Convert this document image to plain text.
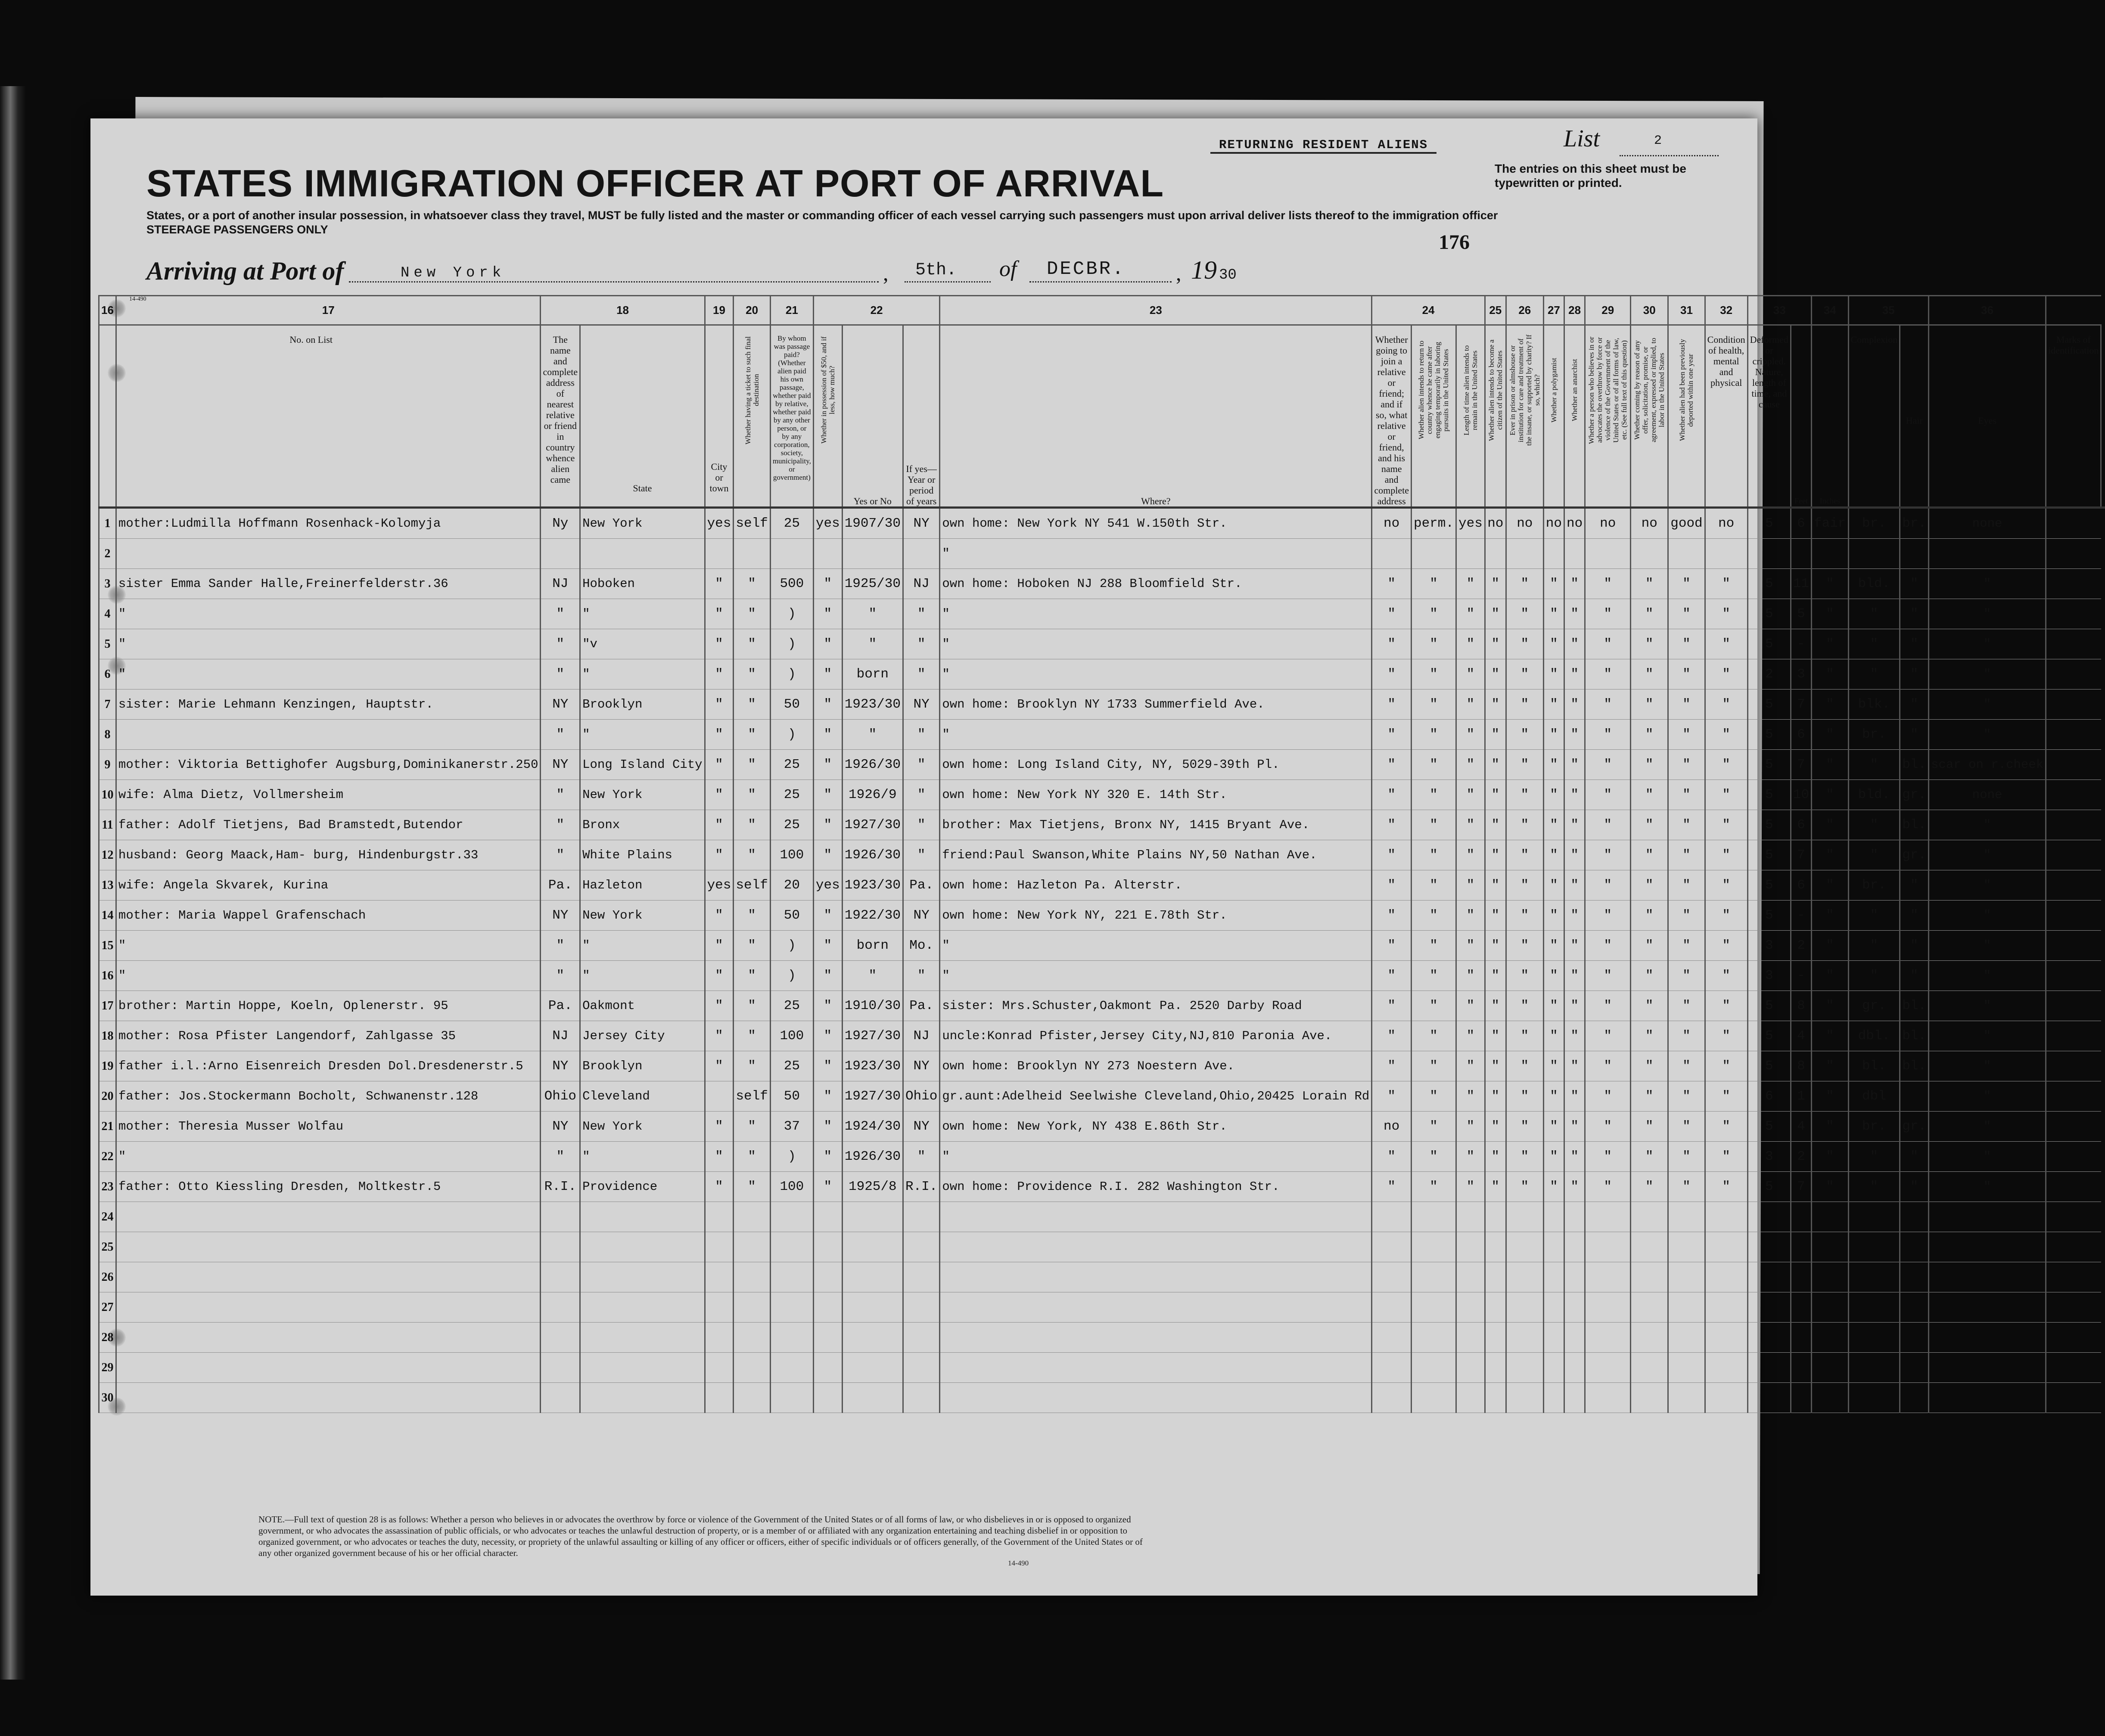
RETURNING RESIDENT ALIENS	List	2
The entries on this sheet must be typewritten or printed.
STATES IMMIGRATION OFFICER AT PORT OF ARRIVAL
States, or a port of another insular possession, in whatsoever class they travel, MUST be fully listed and the master or commanding officer of each vessel carrying such passengers must upon arrival deliver lists thereof to the immigration officer
STEERAGE PASSENGERS ONLY
176
Arriving at Port of	New York	, 5th. of DECBR. , 19 30
14-490
	16	17	18	19	20	21	22	23	24	25	26	27	28	29	30	31	32	33	34	35	36	
		No. on List	The name and complete address of nearest relative or friend in country whence alien came	State	City or town	Whether having a ticket to such final destination	By whom was passage paid? (Whether alien paid his own passage, whether paid by relative, whether paid by any other person, or by any corporation, society, municipality, or government)	Whether in possession of $50, and if less, how much?	Yes or No	If yes— Year or period of years	Where?	Whether going to join a relative or friend; and if so, what relative or friend, and his name and complete address	Whether alien intends to return to country whence he came after engaging temporarily in laboring pursuits in the United States	Length of time alien intends to remain in the United States	Whether alien intends to become a citizen of the United States	Ever in prison or almshouse or institution for care and treatment of the insane, or supported by charity? If so, which?	Whether a polygamist	Whether an anarchist	Whether a person who believes in or advocates the overthrow by force or violence of the Government of the United States or of all forms of law, etc. (See full text of this question)	Whether coming by reason of any offer, solicitation, promise, or agreement, expressed or implied, to labor in the United States	Whether alien had been previously deported within one year	Condition of health, mental and physical	Deformed or crippled. Nature, length of time, and cause	Feet	Inches	Complexion	Hair	Eyes	Marks of identification	
	1	mother:Ludmilla Hoffmann Rosenhack-Kolomyja	Ny	New York	yes	self	25	yes	1907/30	NY	own home: New York NY 541 W.150th Str.	no	perm.	yes	no	no	no	no	no	no	good	no	5	6	fair	br.	br.	none	
	2										"																		
	3	sister Emma Sander Halle,Freinerfelderstr.36	NJ	Hoboken	"	"	500	"	1925/30	NJ	own home: Hoboken NJ 288 Bloomfield Str.	"	"	"	"	"	"	"	"	"	"	"	5	11	"	bld.	"	"	
	4	"	"	"	"	"	)	"	"	"	"	"	"	"	"	"	"	"	"	"	"	"	5	5	"	"	"	"	
	5	"	"	"v	"	"	)	"	"	"	"	"	"	"	"	"	"	"	"	"	"	"	5	-	"	"	"	"	
	6	"	"	"	"	"	)	"	born	"	"	"	"	"	"	"	"	"	"	"	"	"	2	3	"	"	"	"	
	7	sister: Marie Lehmann Kenzingen, Hauptstr.	NY	Brooklyn	"	"	50	"	1923/30	NY	own home: Brooklyn NY 1733 Summerfield Ave.	"	"	"	"	"	"	"	"	"	"	"	5	7	"	blk.	"	"	
	8		"	"	"	"	)	"	"	"	"	"	"	"	"	"	"	"	"	"	"	"	5	6	"	br.	"	"	
	9	mother: Viktoria Bettighofer Augsburg,Dominikanerstr.250	NY	Long Island City	"	"	25	"	1926/30	"	own home: Long Island City, NY, 5029-39th Pl.	"	"	"	"	"	"	"	"	"	"	"	5	7	"	"	bl.	scar on r.cheek	
	10	wife: Alma Dietz, Vollmersheim	"	New York	"	"	25	"	1926/9	"	own home: New York NY 320 E. 14th Str.	"	"	"	"	"	"	"	"	"	"	"	5	10	"	bld.	gr.	none	
	11	father: Adolf Tietjens, Bad Bramstedt,Butendor	"	Bronx	"	"	25	"	1927/30	"	brother: Max Tietjens, Bronx NY, 1415 Bryant Ave.	"	"	"	"	"	"	"	"	"	"	"	5	6	"	"	bl.	"	
	12	husband: Georg Maack,Ham- burg, Hindenburgstr.33	"	White Plains	"	"	100	"	1926/30	"	friend:Paul Swanson,White Plains NY,50 Nathan Ave.	"	"	"	"	"	"	"	"	"	"	"	5	7	"	"	gr.	"	
	13	wife: Angela Skvarek, Kurina	Pa.	Hazleton	yes	self	20	yes	1923/30	Pa.	own home: Hazleton Pa. Alterstr.	"	"	"	"	"	"	"	"	"	"	"	5	6	"	br.	"	"	
	14	mother: Maria Wappel Grafenschach	NY	New York	"	"	50	"	1922/30	NY	own home: New York NY, 221 E.78th Str.	"	"	"	"	"	"	"	"	"	"	"	5	-	"	"	"	"	
	15	"	"	"	"	"	)	"	born	Mo.	"	"	"	"	"	"	"	"	"	"	"	"	3	2	"	"	"	"	
	16	"	"	"	"	"	)	"	"	"	"	"	"	"	"	"	"	"	"	"	"	"	3	-	"	"	"	"	
	17	brother: Martin Hoppe, Koeln, Oplenerstr. 95	Pa.	Oakmont	"	"	25	"	1910/30	Pa.	sister: Mrs.Schuster,Oakmont Pa. 2520 Darby Road	"	"	"	"	"	"	"	"	"	"	"	5	8	"	gr.	bl.	"	
	18	mother: Rosa Pfister Langendorf, Zahlgasse 35	NJ	Jersey City	"	"	100	"	1927/30	NJ	uncle:Konrad Pfister,Jersey City,NJ,810 Paronia Ave.	"	"	"	"	"	"	"	"	"	"	"	5	4	"	dbl.	bl.	"	
	19	father i.l.:Arno Eisenreich Dresden Dol.Dresdenerstr.5	NY	Brooklyn	"	"	25	"	1923/30	NY	own home: Brooklyn NY 273 Noestern Ave.	"	"	"	"	"	"	"	"	"	"	"	5	8	"	bl.	bl.	"	
	20	father: Jos.Stockermann Bocholt, Schwanenstr.128	Ohio	Cleveland		self	50	"	1927/30	Ohio	gr.aunt:Adelheid Seelwishe Cleveland,Ohio,20425 Lorain Rd	"	"	"	"	"	"	"	"	"	"	"	6	1	"	dbl		"	
	21	mother: Theresia Musser Wolfau	NY	New York	"	"	37	"	1924/30	NY	own home: New York, NY 438 E.86th Str.	no	"	"	"	"	"	"	"	"	"	"	5	4	"	br.	gr.	"	
	22	"	"	"	"	"	)	"	1926/30	"	"	"	"	"	"	"	"	"	"	"	"	"	3	2	"	"	"	"	
	23	father: Otto Kiessling Dresden, Moltkestr.5	R.I.	Providence	"	"	100	"	1925/8	R.I.	own home: Providence R.I. 282 Washington Str.	"	"	"	"	"	"	"	"	"	"	"	5	7	"	"	"	"	
	24																												
	25																												
	26																												
	27																												
	28																												
	29																												
	30																												
NOTE.—Full text of question 28 is as follows: Whether a person who believes in or advocates the overthrow by force or violence of the Government of the United States or of all forms of law, or who disbelieves in or is opposed to organized government, or who advocates the assassination of public officials, or who advocates or teaches the unlawful destruction of property, or is a member of or affiliated with any organization entertaining and teaching disbelief in or opposition to organized government, or who advocates or teaches the duty, necessity, or propriety of the unlawful assaulting or killing of any officer or officers, either of specific individuals or of officers generally, of the Government of the United States or of any other organized government because of his or her official character.
14-490
